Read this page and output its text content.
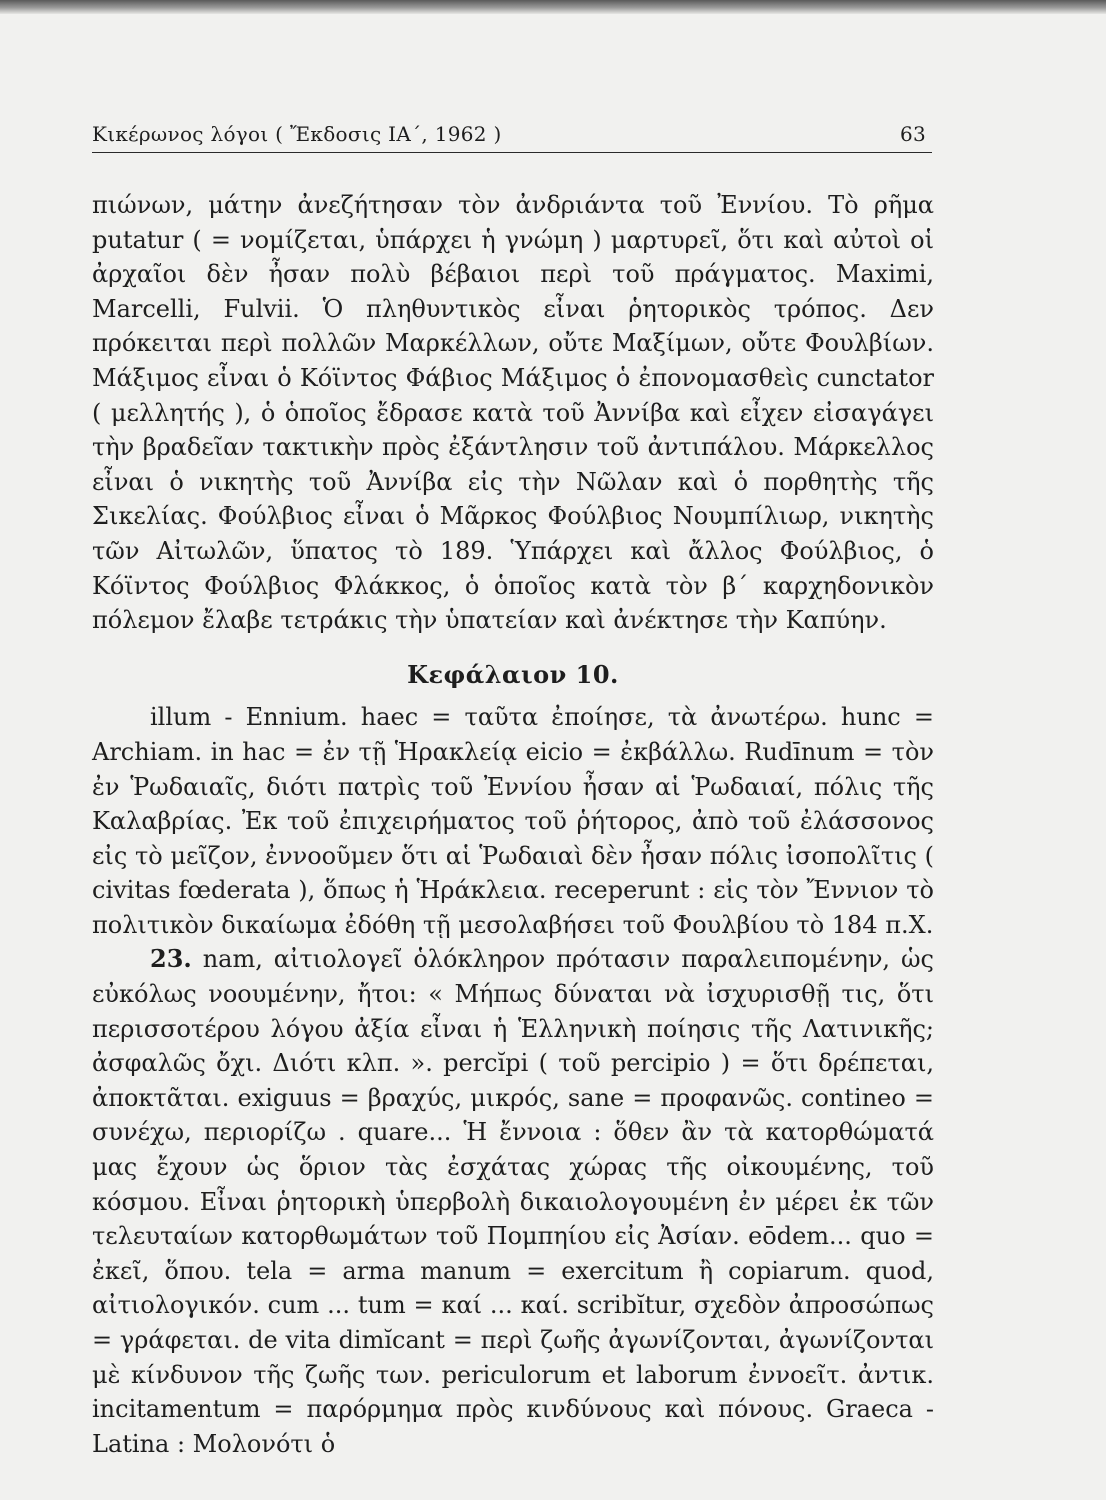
Κικέρωνος λόγοι ( Ἔκδοσις ΙΑ΄, 1962 )	63

πιώνων, μάτην ἀνεζήτησαν τὸν ἀνδριάντα τοῦ Ἐννίου. Τὸ ρῆμα putatur ( = νομίζεται, ὑπάρχει ἡ γνώμη ) μαρτυρεῖ, ὅτι καὶ αὐτοὶ οἱ ἀρχαῖοι δὲν ἦσαν πολὺ βέβαιοι περὶ τοῦ πράγματος. Maximi, Marcelli, Fulvii. Ὁ πληθυντικὸς εἶναι ῥητορικὸς τρόπος. Δεν πρόκειται περὶ πολλῶν Μαρκέλλων, οὔτε Μαξίμων, οὔτε Φουλβίων. Μάξιμος εἶναι ὁ Κόϊντος Φάβιος Μάξιμος ὁ ἐπονομασθεὶς cunctator ( μελλητής ), ὁ ὁποῖος ἔδρασε κατὰ τοῦ Ἀννίβα καὶ εἶχεν εἰσαγάγει τὴν βραδεῖαν τακτικὴν πρὸς ἐξάντλησιν τοῦ ἀντιπάλου. Μάρκελλος εἶναι ὁ νικητὴς τοῦ Ἀννίβα εἰς τὴν Νῶλαν καὶ ὁ πορθητὴς τῆς Σικελίας. Φούλβιος εἶναι ὁ Μᾶρκος Φούλβιος Νουμπίλιωρ, νικητὴς τῶν Αἰτωλῶν, ὕπατος τὸ 189. Ὑπάρχει καὶ ἄλλος Φούλβιος, ὁ Κόϊντος Φούλβιος Φλάκκος, ὁ ὁποῖος κατὰ τὸν β΄ καρχηδονικὸν πόλεμον ἔλαβε τετράκις τὴν ὑπατείαν καὶ ἀνέκτησε τὴν Καπύην.

Κεφάλαιον 10.

illum - Ennium. haec = ταῦτα ἐποίησε, τὰ ἀνωτέρω. hunc = Archiam. in hac = ἐν τῇ Ἡρακλείᾳ eicio = ἐκβάλλω. Rudīnum = τὸν ἐν Ῥωδαιαῖς, διότι πατρὶς τοῦ Ἐννίου ἦσαν αἱ Ῥωδαιαί, πόλις τῆς Καλαβρίας. Ἐκ τοῦ ἐπιχειρήματος τοῦ ῥήτορος, ἀπὸ τοῦ ἐλάσσονος εἰς τὸ μεῖζον, ἐννοοῦμεν ὅτι αἱ Ῥωδαιαὶ δὲν ἦσαν πόλις ἰσοπολῖτις ( civitas fœderata ), ὅπως ἡ Ἡράκλεια. receperunt : εἰς τὸν Ἔννιον τὸ πολιτικὸν δικαίωμα ἐδόθη τῇ μεσολαβήσει τοῦ Φουλβίου τὸ 184 π.Χ.

23. nam, αἰτιολογεῖ ὁλόκληρον πρότασιν παραλειπομένην, ὡς εὐκόλως νοουμένην, ἤτοι: « Μήπως δύναται νὰ ἰσχυρισθῇ τις, ὅτι περισσοτέρου λόγου ἀξία εἶναι ἡ Ἑλληνικὴ ποίησις τῆς Λατινικῆς; ἀσφαλῶς ὄχι. Διότι κλπ. ». percĭpi ( τοῦ percipio ) = ὅτι δρέπεται, ἀποκτᾶται. exiguus = βραχύς, μικρός, sane = προφανῶς. contineo = συνέχω, περιορίζω . quare... Ἡ ἔννοια : ὅθεν ἂν τὰ κατορθώματά μας ἔχουν ὡς ὅριον τὰς ἐσχάτας χώρας τῆς οἰκουμένης, τοῦ κόσμου. Εἶναι ῥητορικὴ ὑπερβολὴ δικαιολογουμένη ἐν μέρει ἐκ τῶν τελευταίων κατορθωμάτων τοῦ Πομπηίου εἰς Ἀσίαν. eōdem... quo = ἐκεῖ, ὅπου. tela = arma manum = exercitum ἢ copiarum. quod, αἰτιολογικόν. cum ... tum = καί ... καί. scribĭtur, σχεδὸν ἀπροσώπως = γράφεται. de vita dimĭcant = περὶ ζωῆς ἀγωνίζονται, ἀγωνίζονται μὲ κίνδυνον τῆς ζωῆς των. periculorum et laborum ἐννοεῖτ. ἀντικ. incitamentum = παρόρμημα πρὸς κινδύνους καὶ πόνους. Graeca - Latina : Μολονότι ὁ
